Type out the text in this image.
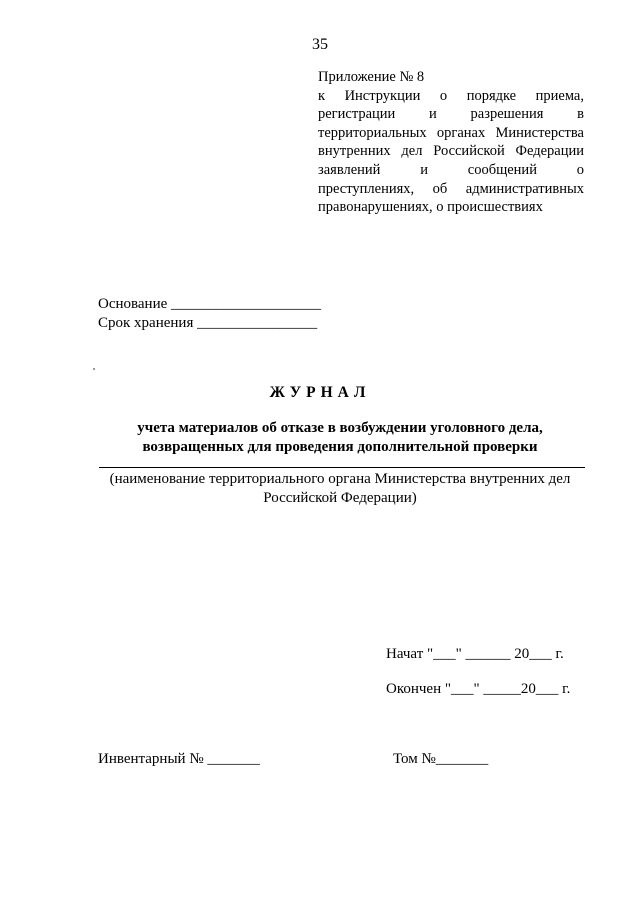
35
Приложение № 8
к Инструкции о порядке приема,
регистрации и разрешения в
территориальных органах Министерства
внутренних дел Российской Федерации
заявлений и сообщений о
преступлениях, об административных
правонарушениях, о происшествиях
Основание ____________________
Срок хранения ________________
ЖУРНАЛ
учета материалов об отказе в возбуждении уголовного дела,
возвращенных для проведения дополнительной проверки
(наименование территориального органа Министерства внутренних дел
Российской Федерации)
Начат "___" ______ 20___ г.
Окончен "___" _____20___ г.
Инвентарный № _______	Том №_______
